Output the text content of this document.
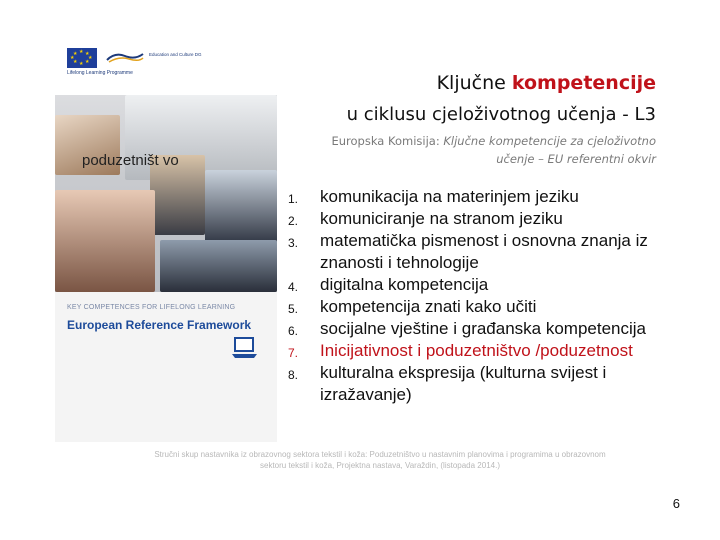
★ ★
★
★
★
★
★
★	Education and Culture DG
Lifelong Learning Programme
KEY COMPETENCES FOR LIFELONG LEARNING
European Reference Framework
poduzetništ vo
Ključne kompetencije
u ciklusu cjeloživotnog učenja - L3
Europska Komisija: Ključne kompetencije za cjeloživotno
učenje – EU referentni okvir
1.	komunikacija na materinjem jeziku
2.	komuniciranje na stranom jeziku
3.	matematička pismenost i osnovna znanja iz znanosti i tehnologije
4.	digitalna kompetencija
5.	kompetencija znati kako učiti
6.	socijalne vještine i građanska kompetencija
7.	Inicijativnost i poduzetništvo /poduzetnost
8.	kulturalna ekspresija (kulturna svijest i izražavanje)
Stručni skup nastavnika iz obrazovnog sektora tekstil i koža: Poduzetništvo u nastavnim planovima i programima u obrazovnom
sektoru tekstil i koža, Projektna nastava, Varaždin, (listopada 2014.)
6
